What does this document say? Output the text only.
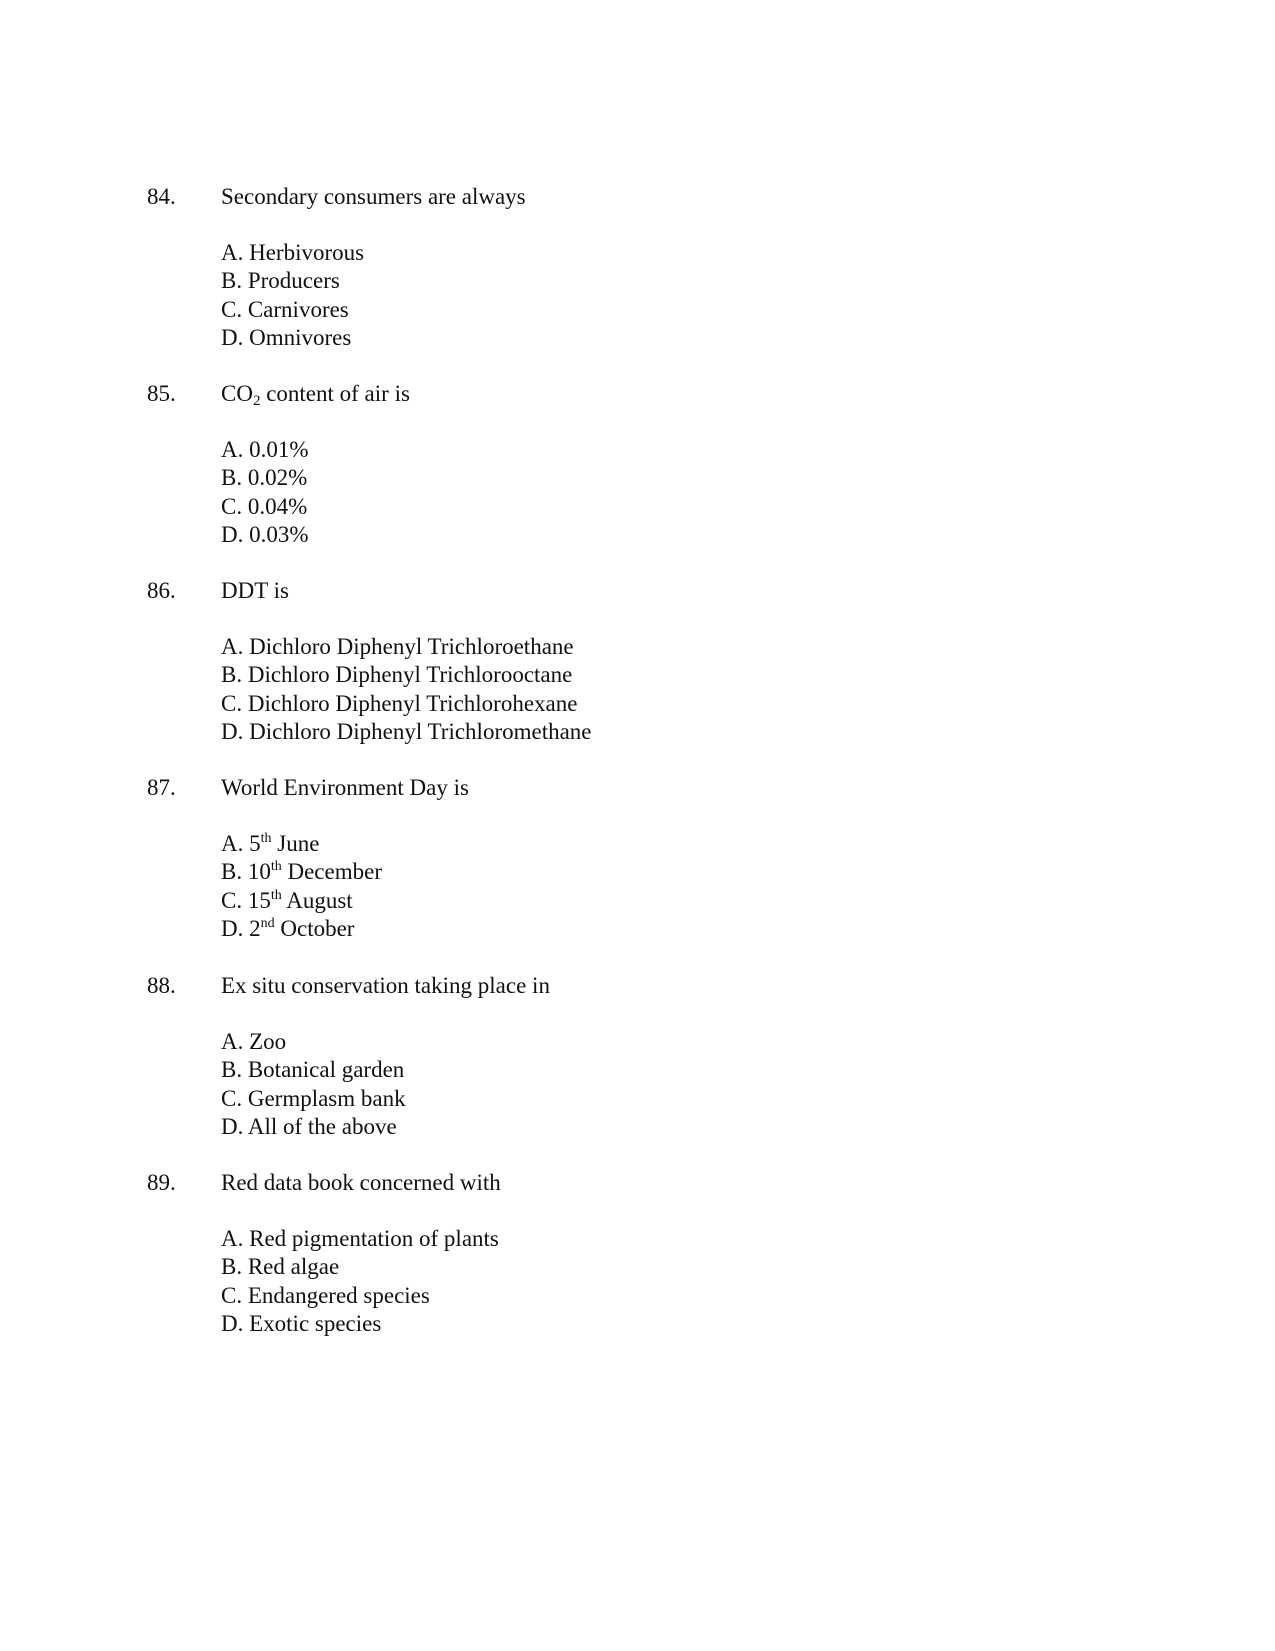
84. Secondary consumers are always
A. Herbivorous
B. Producers
C. Carnivores
D. Omnivores
85. $CO_2$ content of air is
A. 0.01%
B. 0.02%
C. 0.04%
D. 0.03%
86. DDT is
A. Dichloro Diphenyl Trichloroethane
B. Dichloro Diphenyl Trichlorooctane
C. Dichloro Diphenyl Trichlorohexane
D. Dichloro Diphenyl Trichloromethane
87. World Environment Day is
A. 5th June
B. 10th December
C. 15th August
D. 2nd October
88. Ex situ conservation taking place in
A. Zoo
B. Botanical garden
C. Germplasm bank
D. All of the above
89. Red data book concerned with
A. Red pigmentation of plants
B. Red algae
C. Endangered species
D. Exotic species
